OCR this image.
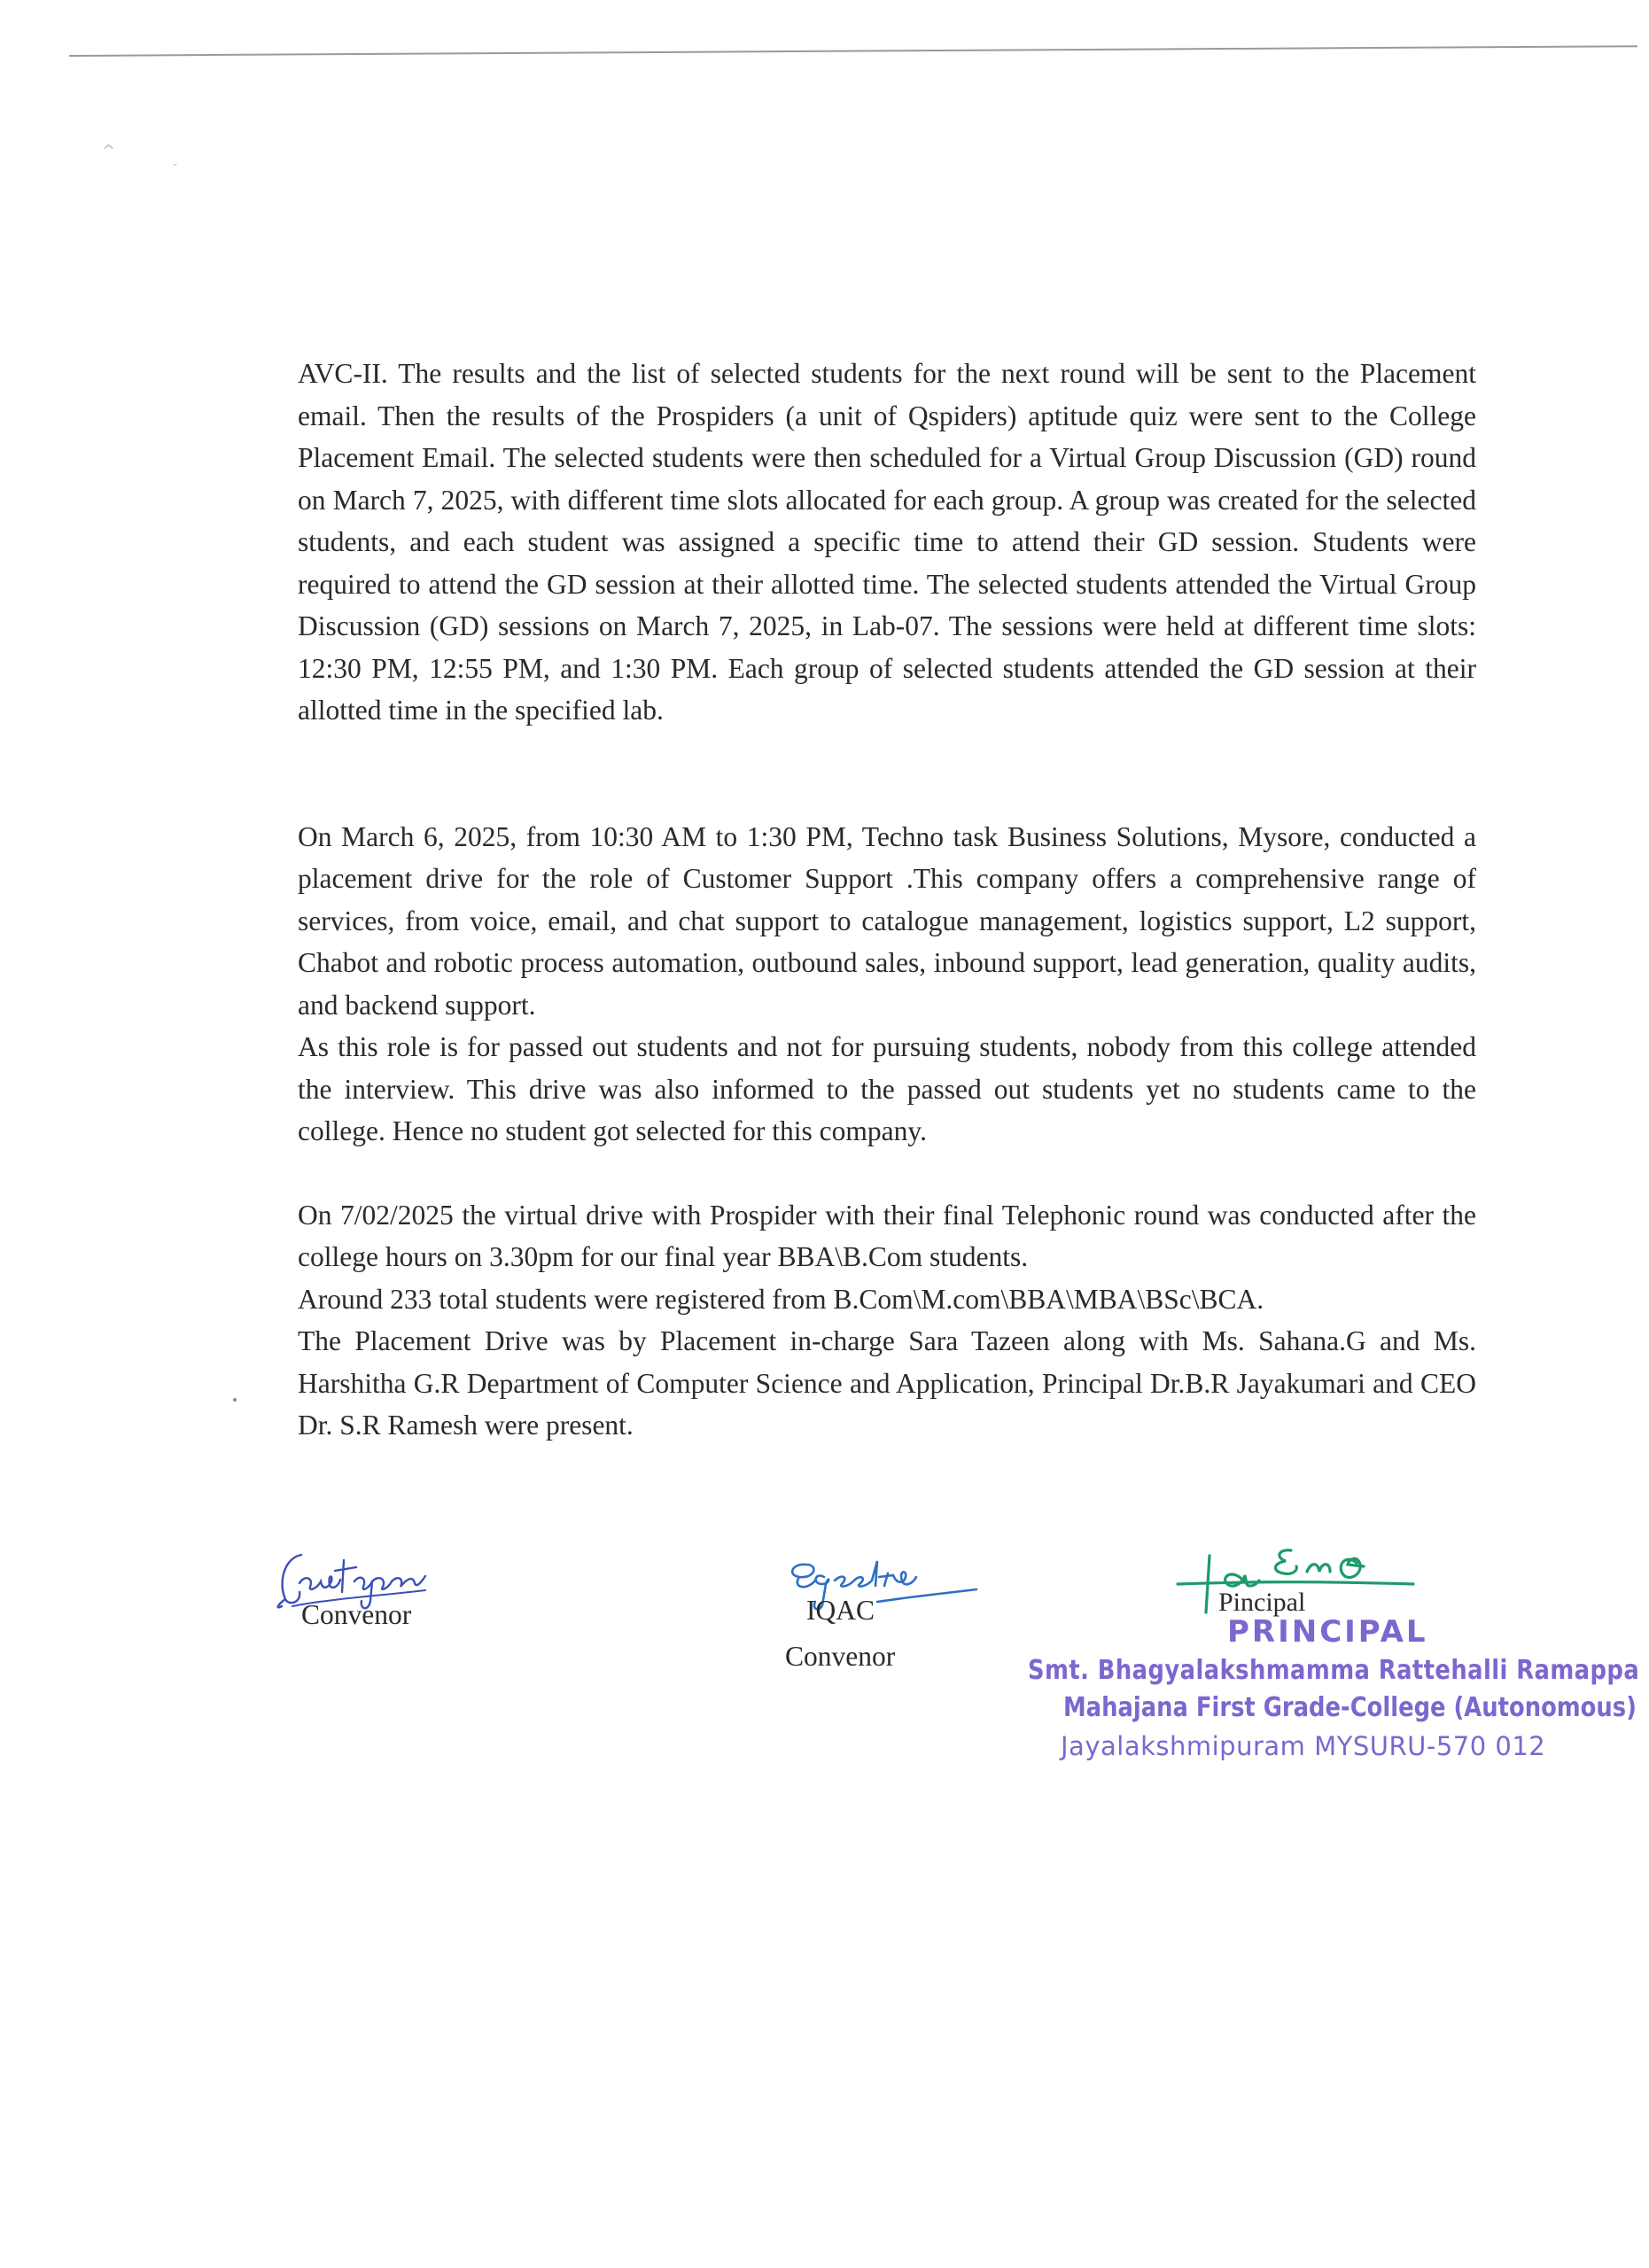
^
-

AVC-II. The results and the list of selected students for the next round will be sent to the Placement email. Then the results of the Prospiders (a unit of Qspiders) aptitude quiz were sent to the College Placement Email. The selected students were then scheduled for a Virtual Group Discussion (GD) round on March 7, 2025, with different time slots allocated for each group. A group was created for the selected students, and each student was assigned a specific time to attend their GD session. Students were required to attend the GD session at their allotted time. The selected students attended the Virtual Group Discussion (GD) sessions on March 7, 2025, in Lab-07. The sessions were held at different time slots: 12:30 PM, 12:55 PM, and 1:30 PM. Each group of selected students attended the GD session at their allotted time in the specified lab.

On March 6, 2025, from 10:30 AM to 1:30 PM, Techno task Business Solutions, Mysore, conducted a placement drive for the role of Customer Support .This company offers a comprehensive range of services, from voice, email, and chat support to catalogue management, logistics support, L2 support, Chabot and robotic process automation, outbound sales, inbound support, lead generation, quality audits, and backend support.

As this role is for passed out students and not for pursuing students, nobody from this college attended the interview. This drive was also informed to the passed out students yet no students came to the college. Hence no student got selected for this company.

On 7/02/2025 the virtual drive with Prospider with their final Telephonic round was conducted after the college hours on 3.30pm for our final year BBA\B.Com students.

Around 233 total students were registered from B.Com\M.com\BBA\MBA\BSc\BCA.

The Placement Drive was by Placement in-charge Sara Tazeen along with Ms. Sahana.G and Ms. Harshitha G.R Department of Computer Science and Application, Principal Dr.B.R Jayakumari and CEO Dr. S.R Ramesh were present.

Convenor	IQAC
Convenor
Pincipal
PRINCIPAL
Smt. Bhagyalakshmamma Rattehalli Ramappa
Mahajana First Grade-College (Autonomous)
Jayalakshmipuram MYSURU-570 012
